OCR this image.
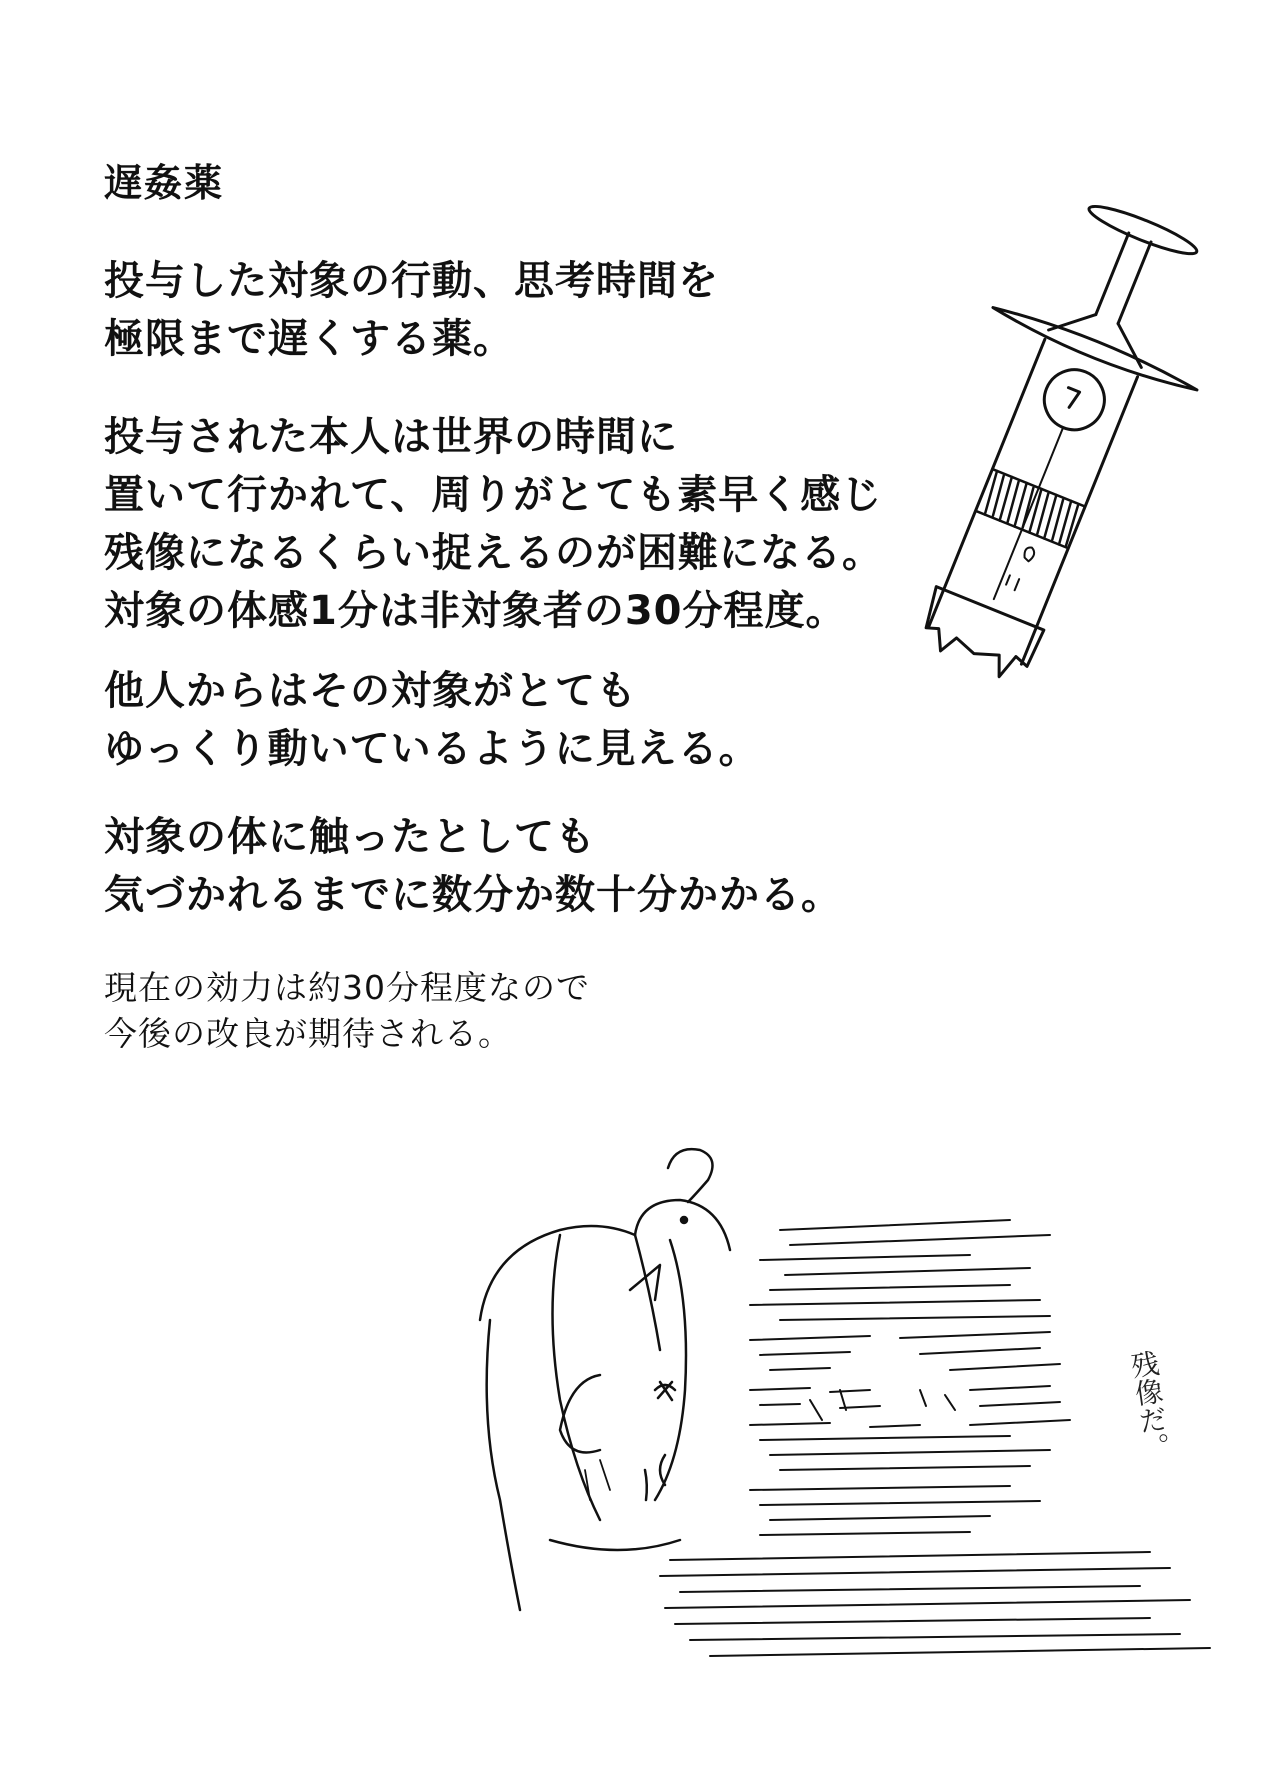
遅姦薬

投与した対象の行動、思考時間を
極限まで遅くする薬。

投与された本人は世界の時間に
置いて行かれて、周りがとても素早く感じ
残像になるくらい捉えるのが困難になる。
対象の体感1分は非対象者の30分程度。

他人からはその対象がとても
ゆっくり動いているように見える。

対象の体に触ったとしても
気づかれるまでに数分か数十分かかる。

現在の効力は約30分程度なので
今後の改良が期待される。

残像だ。
